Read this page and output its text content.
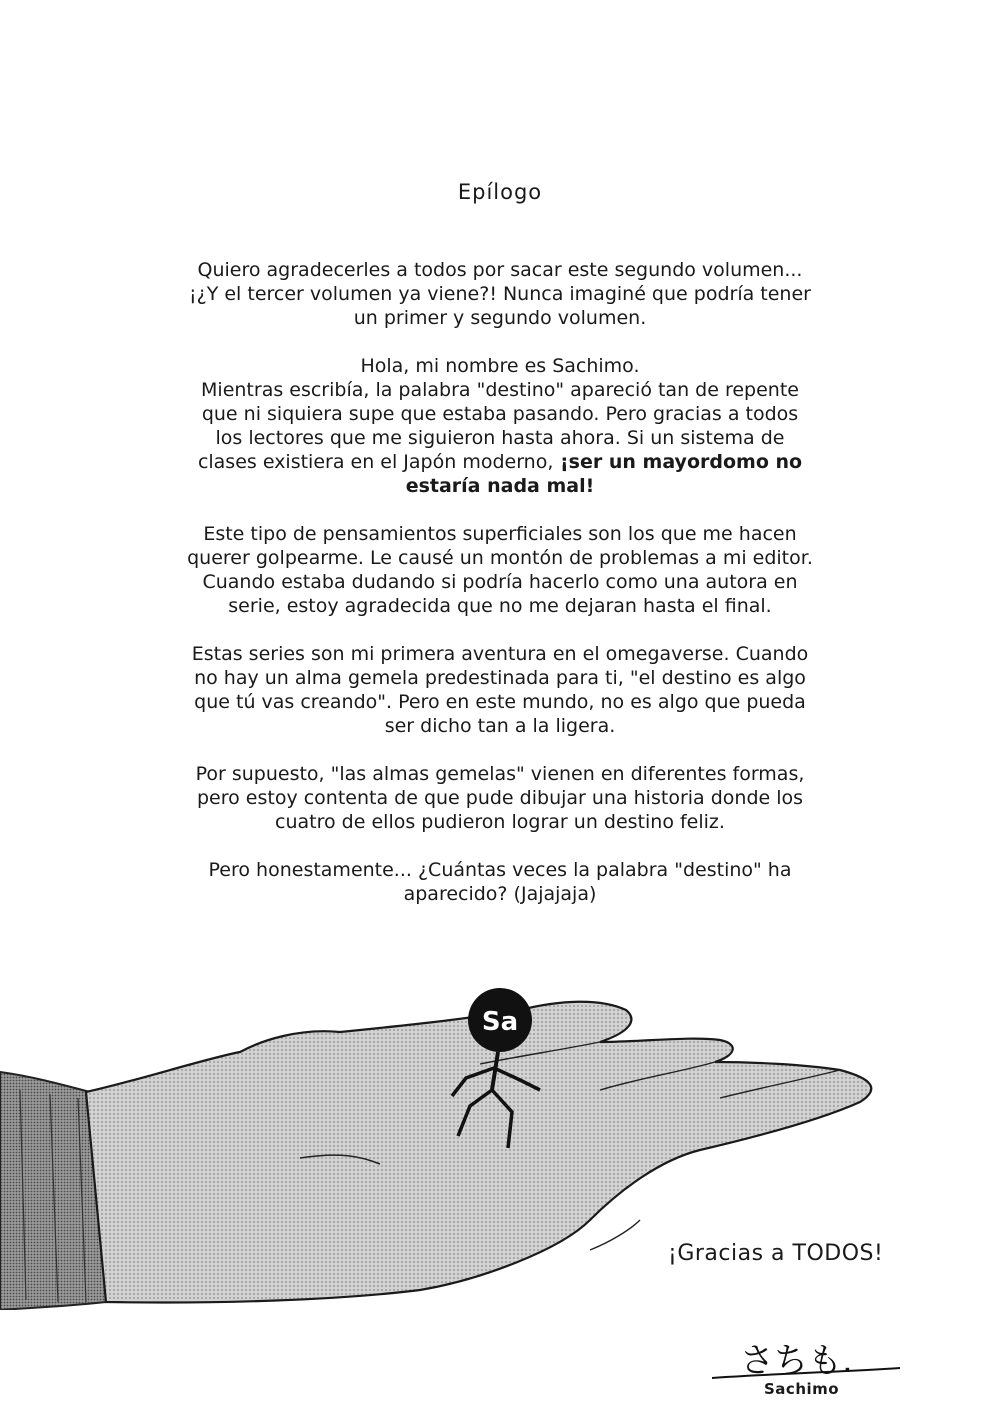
Epílogo

Quiero agradecerles a todos por sacar este segundo volumen...
¡¿Y el tercer volumen ya viene?! Nunca imaginé que podría tener
un primer y segundo volumen.

Hola, mi nombre es Sachimo.
Mientras escribía, la palabra "destino" apareció tan de repente
que ni siquiera supe que estaba pasando. Pero gracias a todos
los lectores que me siguieron hasta ahora. Si un sistema de
clases existiera en el Japón moderno, ¡ser un mayordomo no
estaría nada mal!

Este tipo de pensamientos superficiales son los que me hacen
querer golpearme. Le causé un montón de problemas a mi editor.
Cuando estaba dudando si podría hacerlo como una autora en
serie, estoy agradecida que no me dejaran hasta el final.

Estas series son mi primera aventura en el omegaverse. Cuando
no hay un alma gemela predestinada para ti, "el destino es algo
que tú vas creando". Pero en este mundo, no es algo que pueda
ser dicho tan a la ligera.

Por supuesto, "las almas gemelas" vienen en diferentes formas,
pero estoy contenta de que pude dibujar una historia donde los
cuatro de ellos pudieron lograr un destino feliz.

Pero honestamente... ¿Cuántas veces la palabra "destino" ha
aparecido? (Jajajaja)

Sa
¡Gracias a TODOS!
さちも.
Sachimo
